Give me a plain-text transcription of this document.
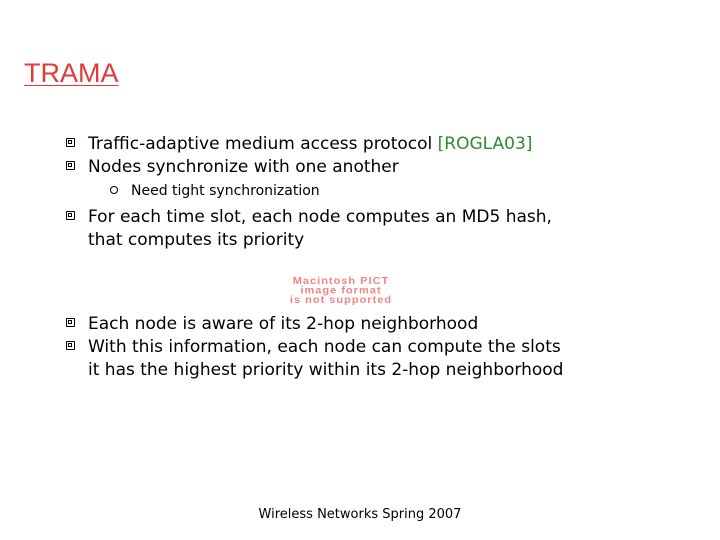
TRAMA
Traffic-adaptive medium access protocol [ROGLA03]
Nodes synchronize with one another
Need tight synchronization
For each time slot, each node computes an MD5 hash,
that computes its priority
Macintosh PICT
image format
is not supported
Each node is aware of its 2-hop neighborhood
With this information, each node can compute the slots
it has the highest priority within its 2-hop neighborhood
Wireless Networks Spring 2007
